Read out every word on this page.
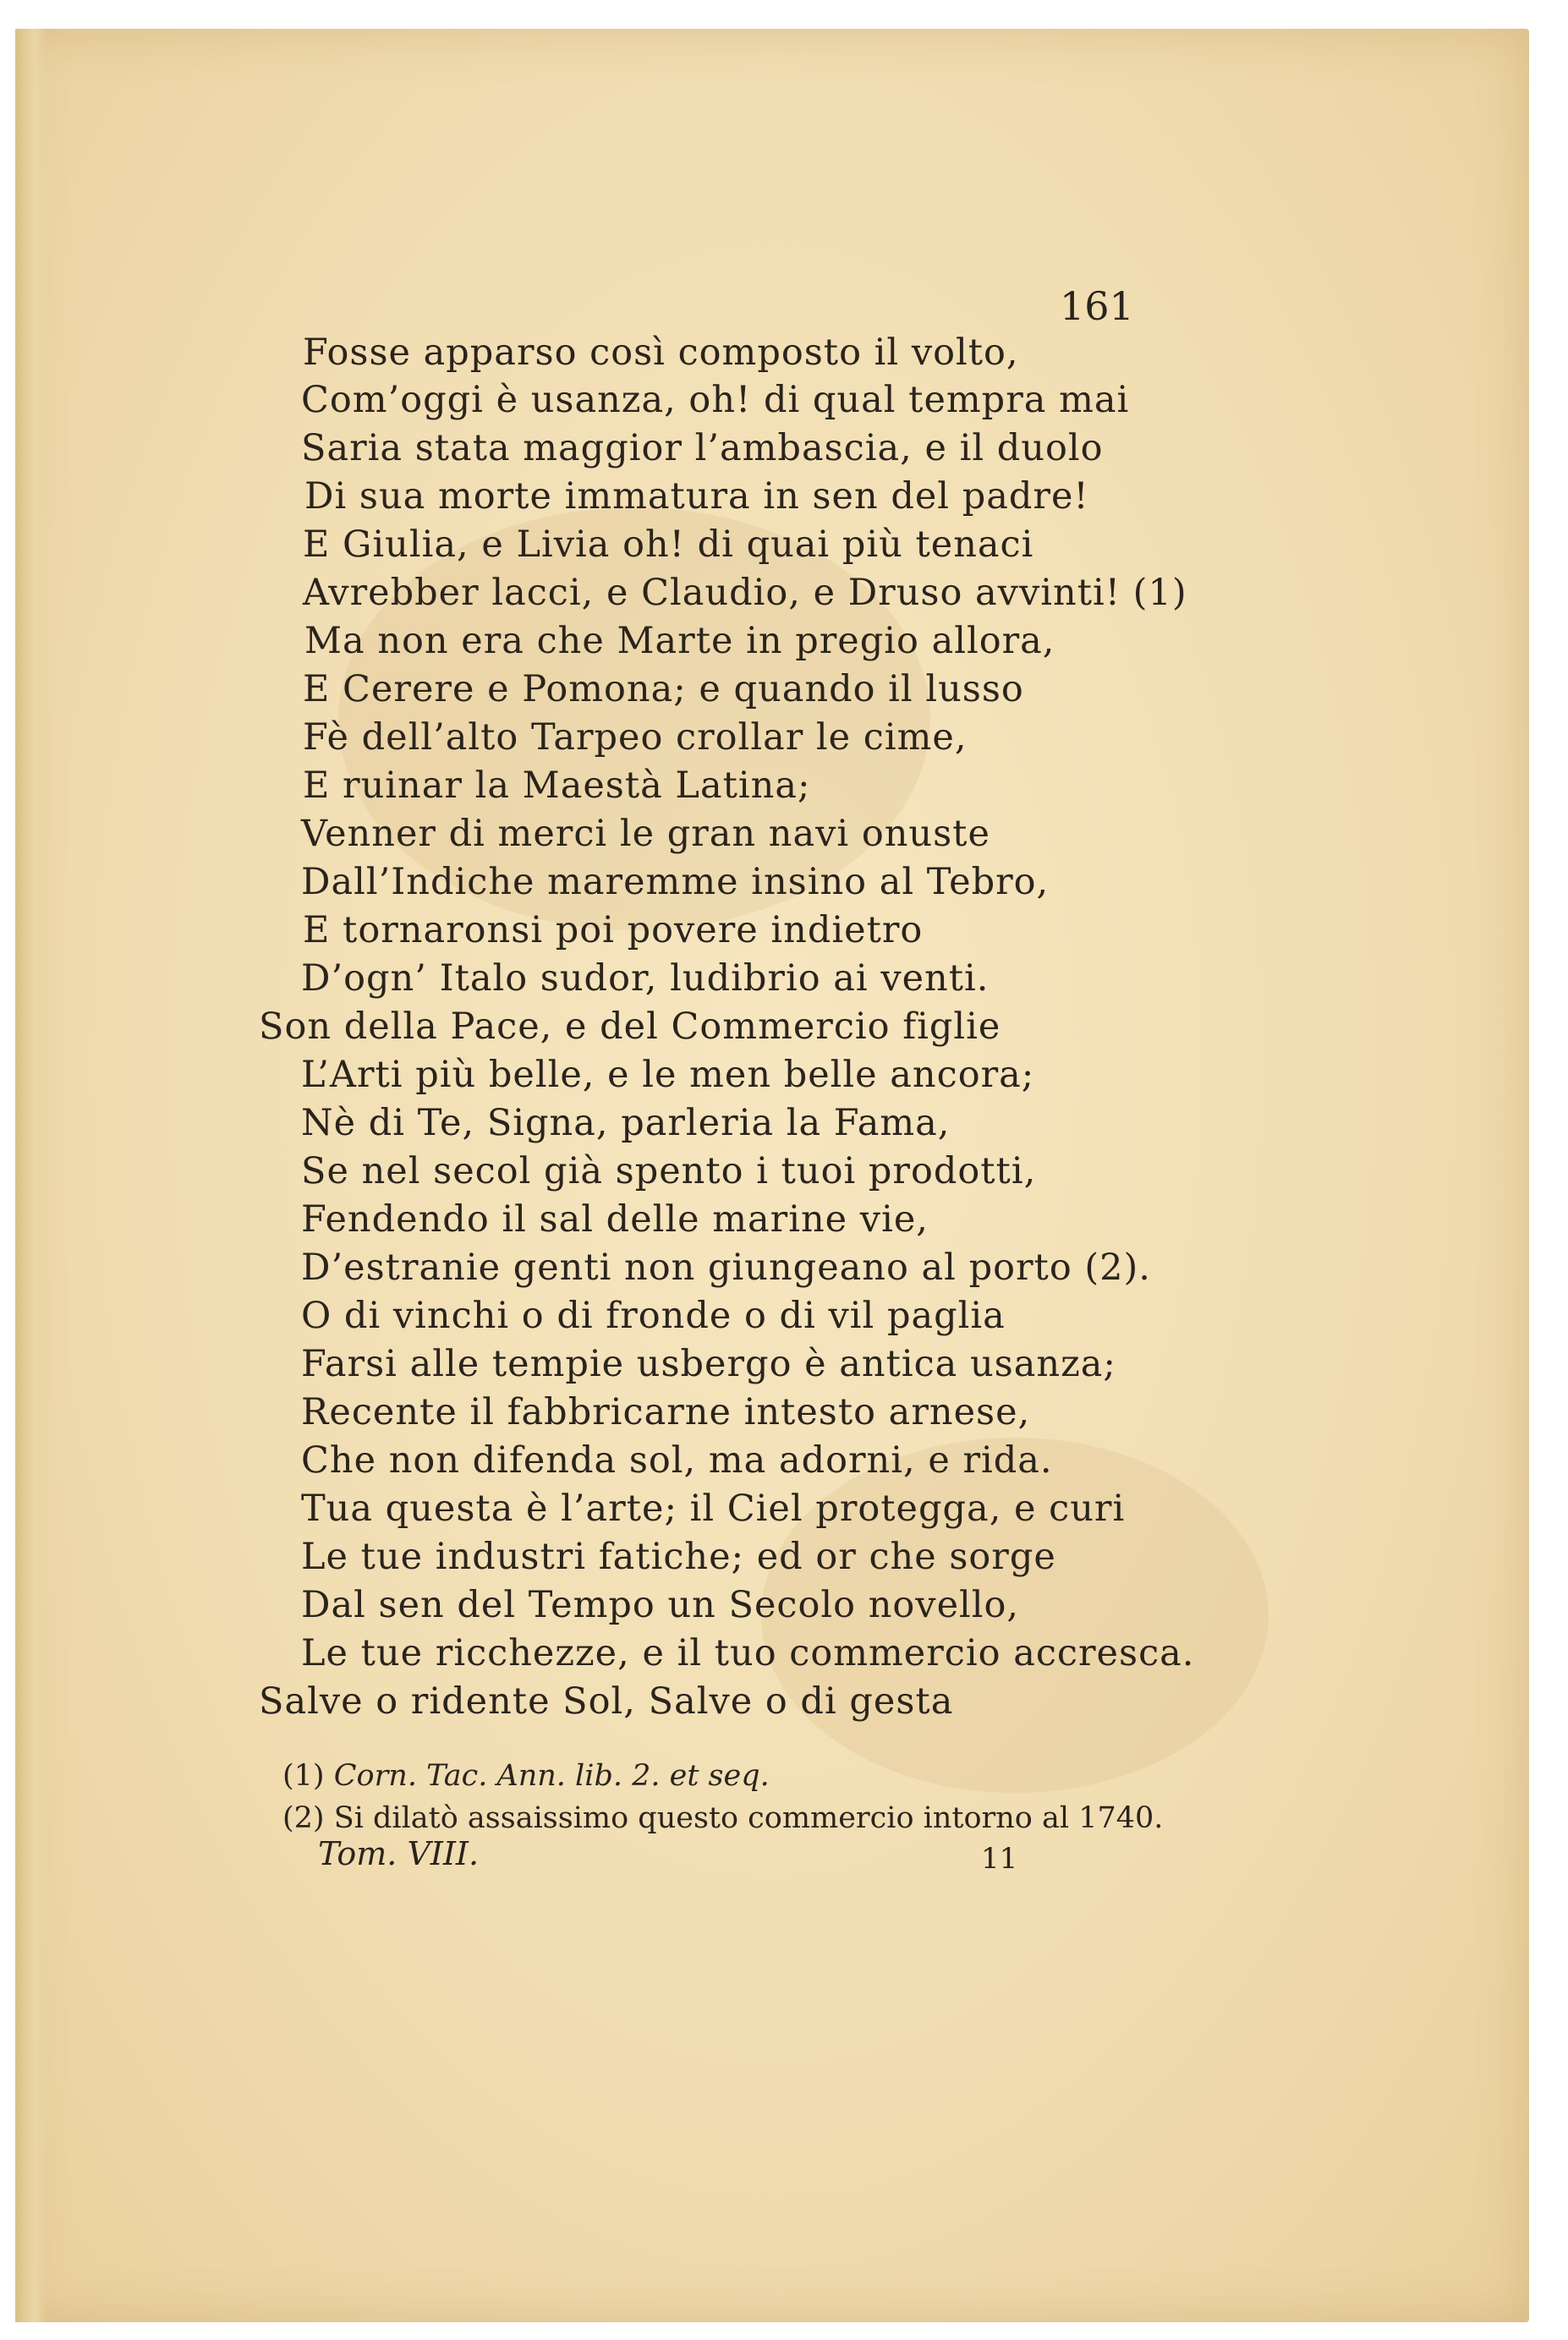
161
Fosse apparso così composto il volto,
Com’oggi è usanza, oh! di qual tempra mai
Saria stata maggior l’ambascia, e il duolo
Di sua morte immatura in sen del padre!
E Giulia, e Livia oh! di quai più tenaci
Avrebber lacci, e Claudio, e Druso avvinti! (1)
Ma non era che Marte in pregio allora,
E Cerere e Pomona; e quando il lusso
Fè dell’alto Tarpeo crollar le cime,
E ruinar la Maestà Latina;
Venner di merci le gran navi onuste
Dall’Indiche maremme insino al Tebro,
E tornaronsi poi povere indietro
D’ogn’ Italo sudor, ludibrio ai venti.
Son della Pace, e del Commercio figlie
L’Arti più belle, e le men belle ancora;
Nè di Te, Signa, parleria la Fama,
Se nel secol già spento i tuoi prodotti,
Fendendo il sal delle marine vie,
D’estranie genti non giungeano al porto (2).
O di vinchi o di fronde o di vil paglia
Farsi alle tempie usbergo è antica usanza;
Recente il fabbricarne intesto arnese,
Che non difenda sol, ma adorni, e rida.
Tua questa è l’arte; il Ciel protegga, e curi
Le tue industri fatiche; ed or che sorge
Dal sen del Tempo un Secolo novello,
Le tue ricchezze, e il tuo commercio accresca.
Salve o ridente Sol, Salve o di gesta
(1) Corn. Tac. Ann. lib. 2. et seq.
(2) Si dilatò assaissimo questo commercio intorno al 1740.
Tom. VIII.	11
